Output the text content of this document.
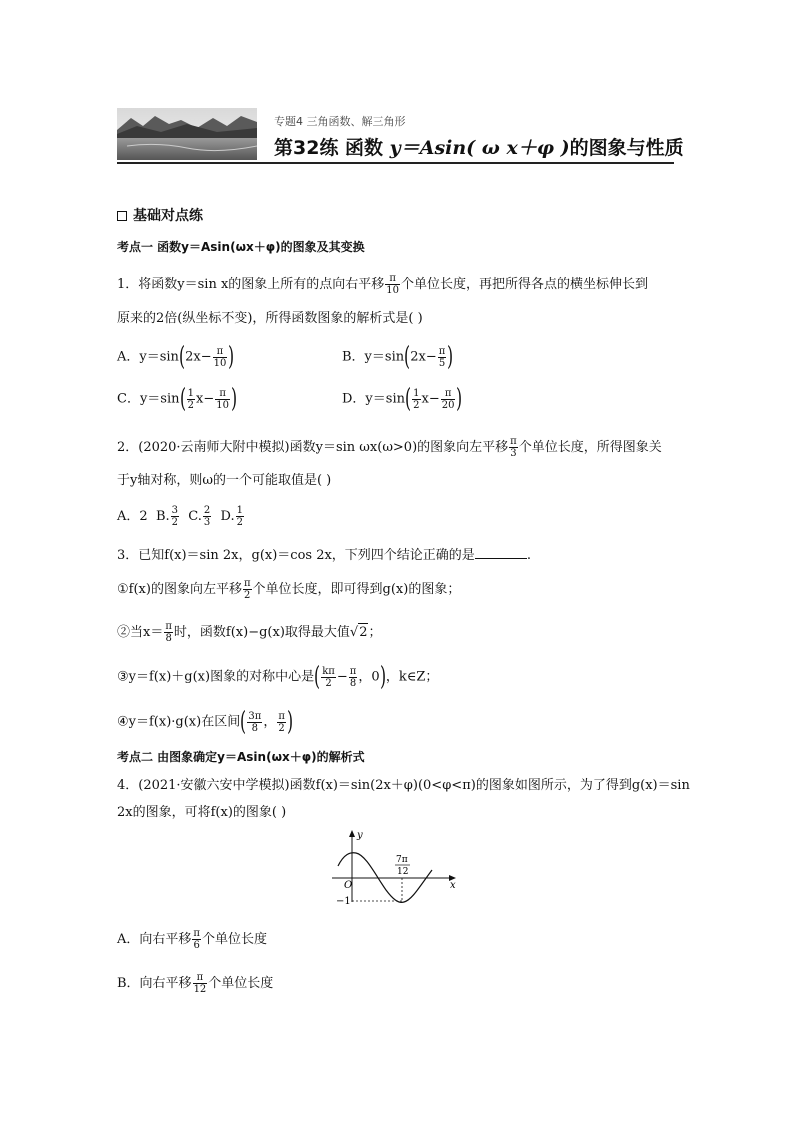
专题4 三角函数、解三角形
第32练 函数 y＝Asin( ω x＋φ )的图象与性质
基础对点练
考点一 函数y＝Asin(ωx＋φ)的图象及其变换
1．将函数y＝sin x的图象上所有的点向右平移 $\frac{\pi}{10}$ 个单位长度，再把所得各点的横坐标伸长到
原来的2倍(纵坐标不变)，所得函数图象的解析式是( )
A．$y=\sin(2x- \frac{\pi}{10}$ )	B．$y=\sin(2x- \frac{\pi}{5}$ )
C．$y=\sin( \frac{1}{2} x- \frac{\pi}{10}$ )	D．$y=\sin( \frac{1}{2} x- \frac{\pi}{20}$ )
2．(2020·云南师大附中模拟)函数y＝sin ωx(ω>0)的图象向左平移 $\frac{\pi}{3}$ 个单位长度，所得图象关
于y轴对称，则ω的一个可能取值是( )
A．2 B. $\frac{3}{2} C$. $\frac{2}{3} D$. $\frac{1}{2}$
3．已知f(x)＝sin 2x，g(x)＝cos 2x，下列四个结论正确的是	.
①f(x)的图象向左平移 $\frac{\pi}{2}$ 个单位长度，即可得到g(x)的图象；
②当$x= \frac{\pi}{8}$ 时，函数f(x)−g(x)取得最大值√2；
③y＝f(x)＋g(x)图象的对称中心是( $\frac{k\pi}{2} - \frac{\pi}{8}$ ，0)，k∈Z；
④y＝f(x)·g(x)在区间( $\frac{3\pi}{8}$ ， $\frac{\pi}{2}$ )
考点二 由图象确定y＝Asin(ωx＋φ)的解析式
4．(2021·安徽六安中学模拟)函数f(x)＝sin(2x＋φ)(0<φ<π)的图象如图所示，为了得到g(x)＝sin
2x的图象，可将f(x)的图象( )
y
x
O
−1
7π
12
A．向右平移 $\frac{\pi}{6}$ 个单位长度
B．向右平移 $\frac{\pi}{12}$ 个单位长度
